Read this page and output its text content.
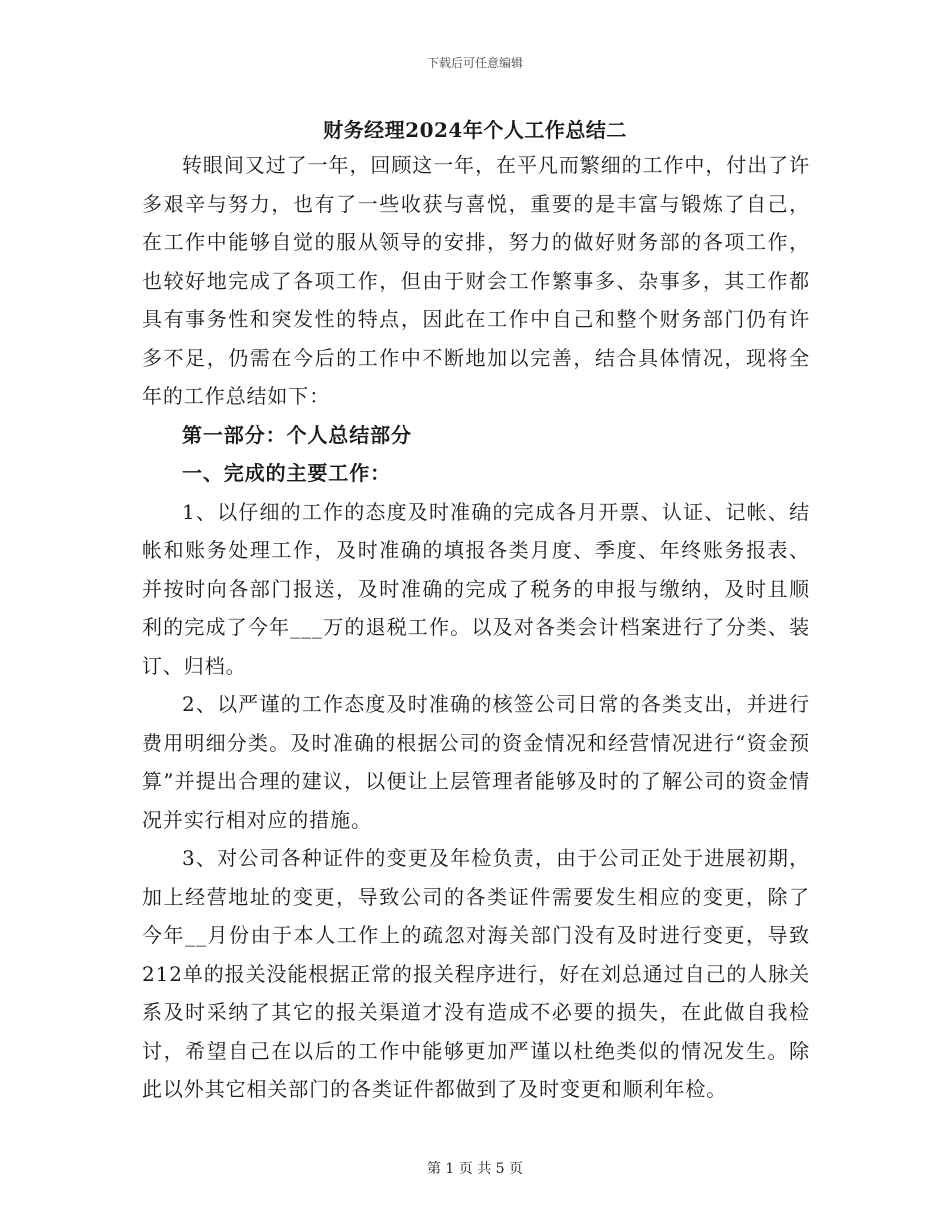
下载后可任意编辑
财务经理2024年个人工作总结二

转眼间又过了一年，回顾这一年，在平凡而繁细的工作中，付出了许多艰辛与努力，也有了一些收获与喜悦，重要的是丰富与锻炼了自己，在工作中能够自觉的服从领导的安排，努力的做好财务部的各项工作，也较好地完成了各项工作，但由于财会工作繁事多、杂事多，其工作都具有事务性和突发性的特点，因此在工作中自己和整个财务部门仍有许多不足，仍需在今后的工作中不断地加以完善，结合具体情况，现将全年的工作总结如下：

第一部分：个人总结部分

一、完成的主要工作：

1、以仔细的工作的态度及时准确的完成各月开票、认证、记帐、结帐和账务处理工作，及时准确的填报各类月度、季度、年终账务报表、并按时向各部门报送，及时准确的完成了税务的申报与缴纳，及时且顺利的完成了今年___万的退税工作。以及对各类会计档案进行了分类、装订、归档。

2、以严谨的工作态度及时准确的核签公司日常的各类支出，并进行费用明细分类。及时准确的根据公司的资金情况和经营情况进行“资金预算”并提出合理的建议，以便让上层管理者能够及时的了解公司的资金情况并实行相对应的措施。

3、对公司各种证件的变更及年检负责，由于公司正处于进展初期，加上经营地址的变更，导致公司的各类证件需要发生相应的变更，除了今年__月份由于本人工作上的疏忽对海关部门没有及时进行变更，导致212单的报关没能根据正常的报关程序进行，好在刘总通过自己的人脉关系及时采纳了其它的报关渠道才没有造成不必要的损失，在此做自我检讨，希望自己在以后的工作中能够更加严谨以杜绝类似的情况发生。除此以外其它相关部门的各类证件都做到了及时变更和顺利年检。

第 1 页 共 5 页
